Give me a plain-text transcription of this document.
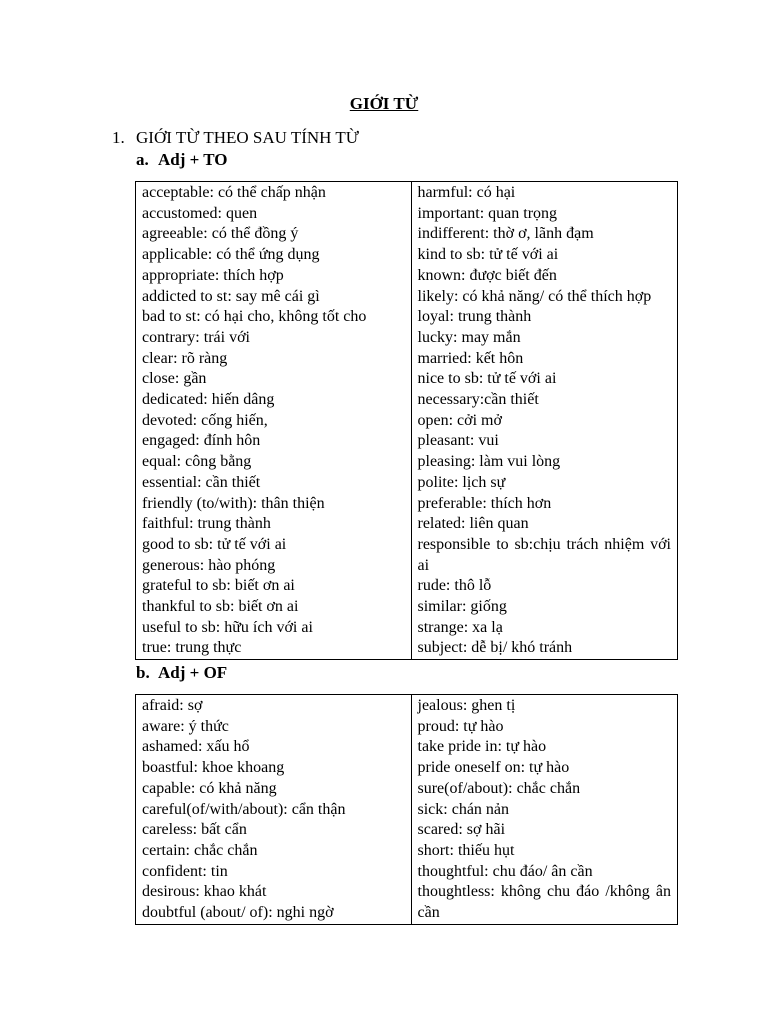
GIỚI TỪ
1. GIỚI TỪ THEO SAU TÍNH TỪ
a. Adj + TO
acceptable: có thể chấp nhận
accustomed: quen
agreeable: có thể đồng ý
applicable: có thể ứng dụng
appropriate: thích hợp
addicted to st: say mê cái gì
bad to st: có hại cho, không tốt cho
contrary: trái với
clear: rõ ràng
close: gần
dedicated: hiến dâng
devoted: cống hiến,
engaged: đính hôn
equal: công bằng
essential: cần thiết
friendly (to/with): thân thiện
faithful: trung thành
good to sb: tử tế với ai
generous: hào phóng
grateful to sb: biết ơn ai
thankful to sb: biết ơn ai
useful to sb: hữu ích với ai
true: trung thực

harmful: có hại
important: quan trọng
indifferent: thờ ơ, lãnh đạm
kind to sb: tử tế với ai
known: được biết đến
likely: có khả năng/ có thể thích hợp
loyal: trung thành
lucky: may mắn
married: kết hôn
nice to sb: tử tế với ai
necessary:cần thiết
open: cởi mở
pleasant: vui
pleasing: làm vui lòng
polite: lịch sự
preferable: thích hơn
related: liên quan
responsible to sb:chịu trách nhiệm với ai
rude: thô lỗ
similar: giống
strange: xa lạ
subject: dễ bị/ khó tránh
b. Adj + OF
afraid: sợ
aware: ý thức
ashamed: xấu hổ
boastful: khoe khoang
capable: có khả năng
careful(of/with/about): cẩn thận
careless: bất cẩn
certain: chắc chắn
confident: tin
desirous: khao khát
doubtful (about/ of): nghi ngờ

jealous: ghen tị
proud: tự hào
take pride in: tự hào
pride oneself on: tự hào
sure(of/about): chắc chắn
sick: chán nản
scared: sợ hãi
short: thiếu hụt
thoughtful: chu đáo/ ân cần
thoughtless: không chu đáo /không ân cần
